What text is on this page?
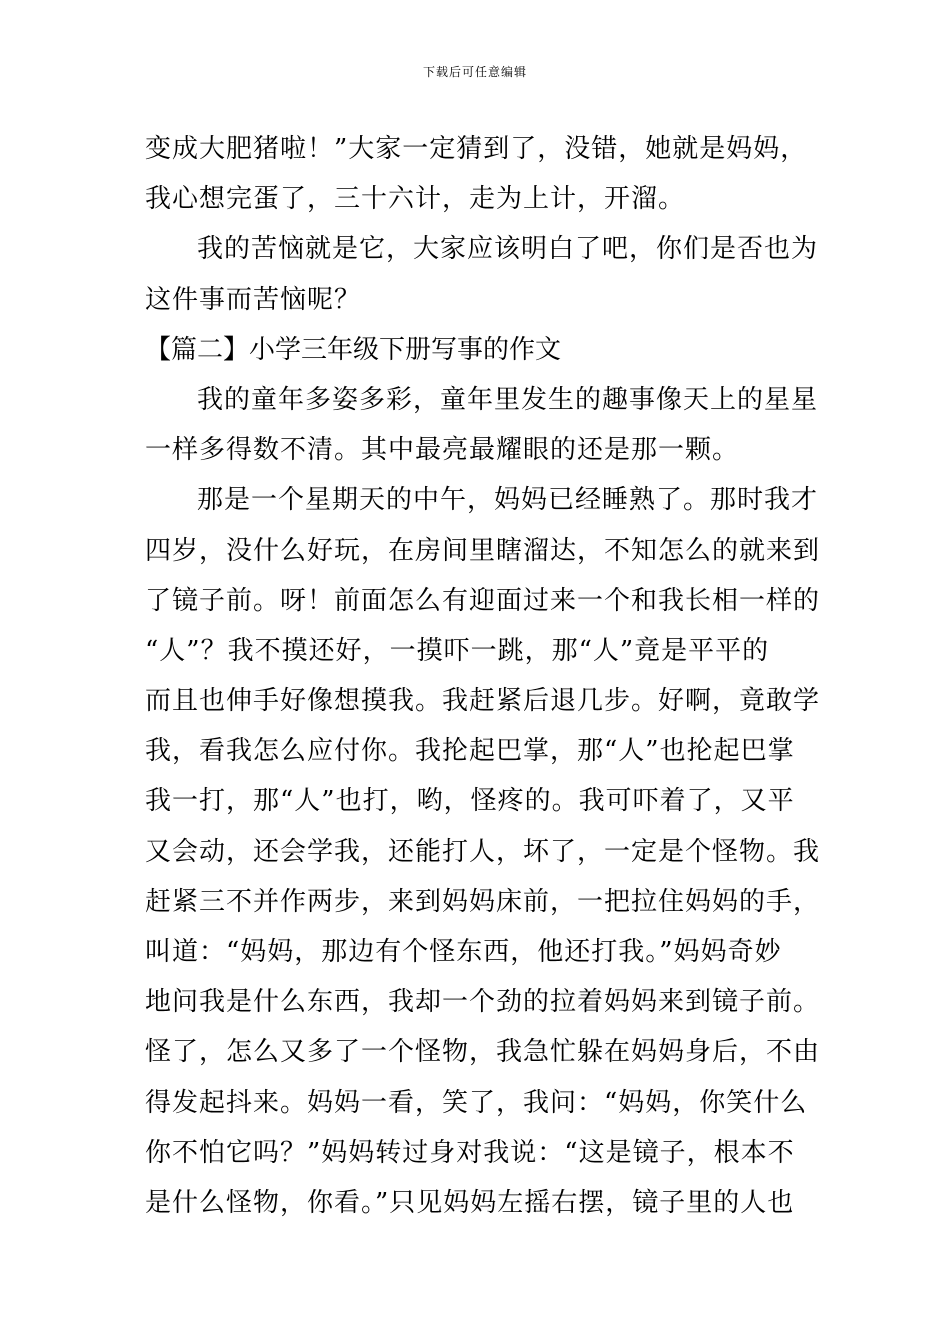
下载后可任意编辑
变成大肥猪啦！”大家一定猜到了，没错，她就是妈妈，
我心想完蛋了，三十六计，走为上计，开溜。
我的苦恼就是它，大家应该明白了吧，你们是否也为
这件事而苦恼呢？
【篇二】小学三年级下册写事的作文
我的童年多姿多彩，童年里发生的趣事像天上的星星
一样多得数不清。其中最亮最耀眼的还是那一颗。
那是一个星期天的中午，妈妈已经睡熟了。那时我才
四岁，没什么好玩，在房间里瞎溜达，不知怎么的就来到
了镜子前。呀！前面怎么有迎面过来一个和我长相一样的
“人”？我不摸还好，一摸吓一跳，那“人”竟是平平的
而且也伸手好像想摸我。我赶紧后退几步。好啊，竟敢学
我，看我怎么应付你。我抡起巴掌，那“人”也抡起巴掌
我一打，那“人”也打，哟，怪疼的。我可吓着了，又平
又会动，还会学我，还能打人，坏了，一定是个怪物。我
赶紧三不并作两步，来到妈妈床前，一把拉住妈妈的手，
叫道：“妈妈，那边有个怪东西，他还打我。”妈妈奇妙
地问我是什么东西，我却一个劲的拉着妈妈来到镜子前。
怪了，怎么又多了一个怪物，我急忙躲在妈妈身后，不由
得发起抖来。妈妈一看，笑了，我问：“妈妈，你笑什么
你不怕它吗？”妈妈转过身对我说：“这是镜子，根本不
是什么怪物，你看。”只见妈妈左摇右摆，镜子里的人也
